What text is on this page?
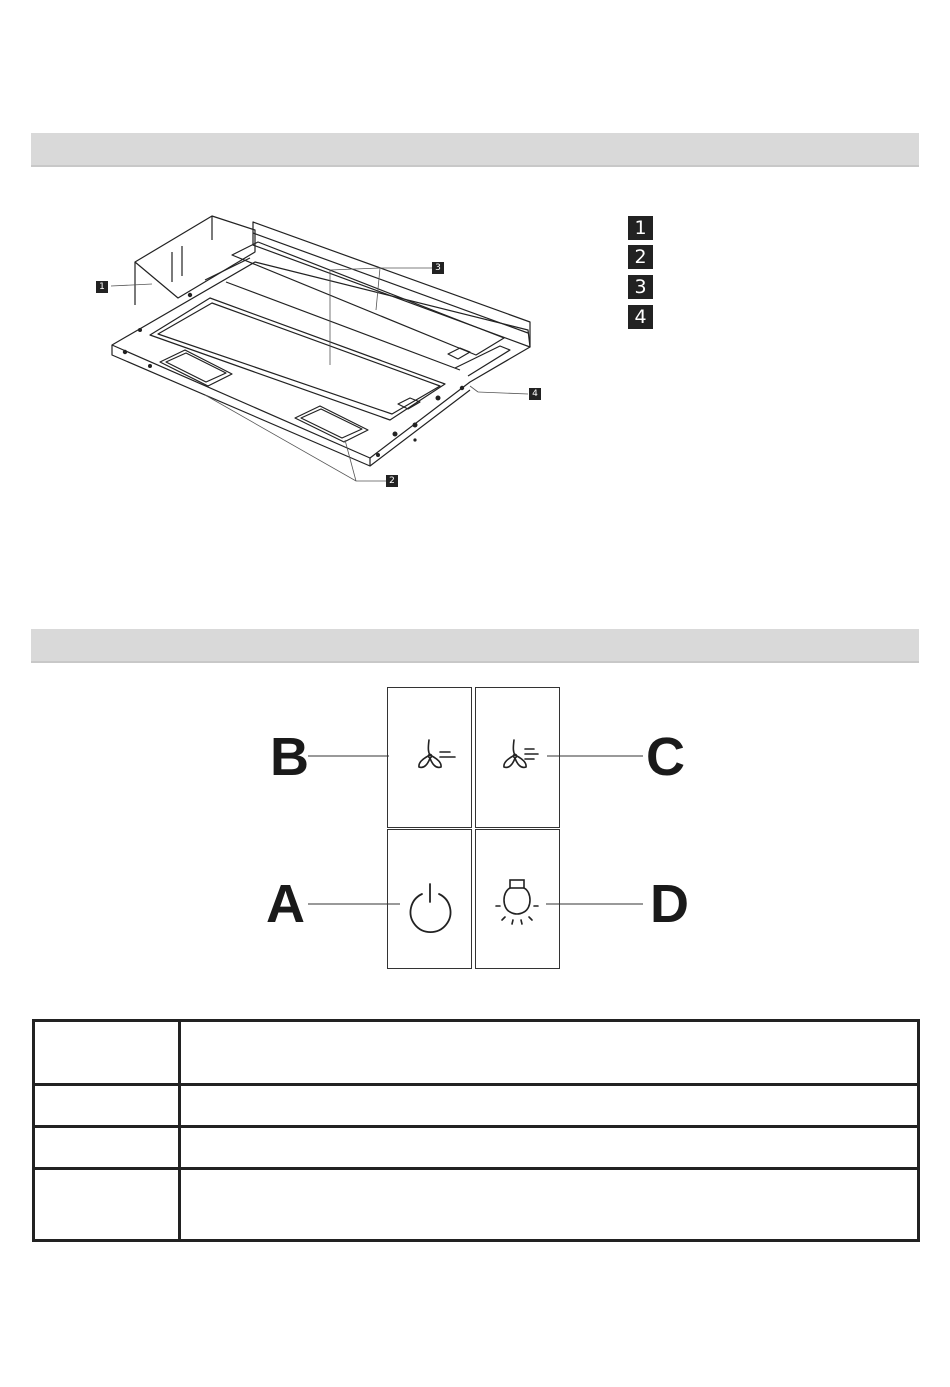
1
2
3
4
1
2
3
4
B	C
A	D
